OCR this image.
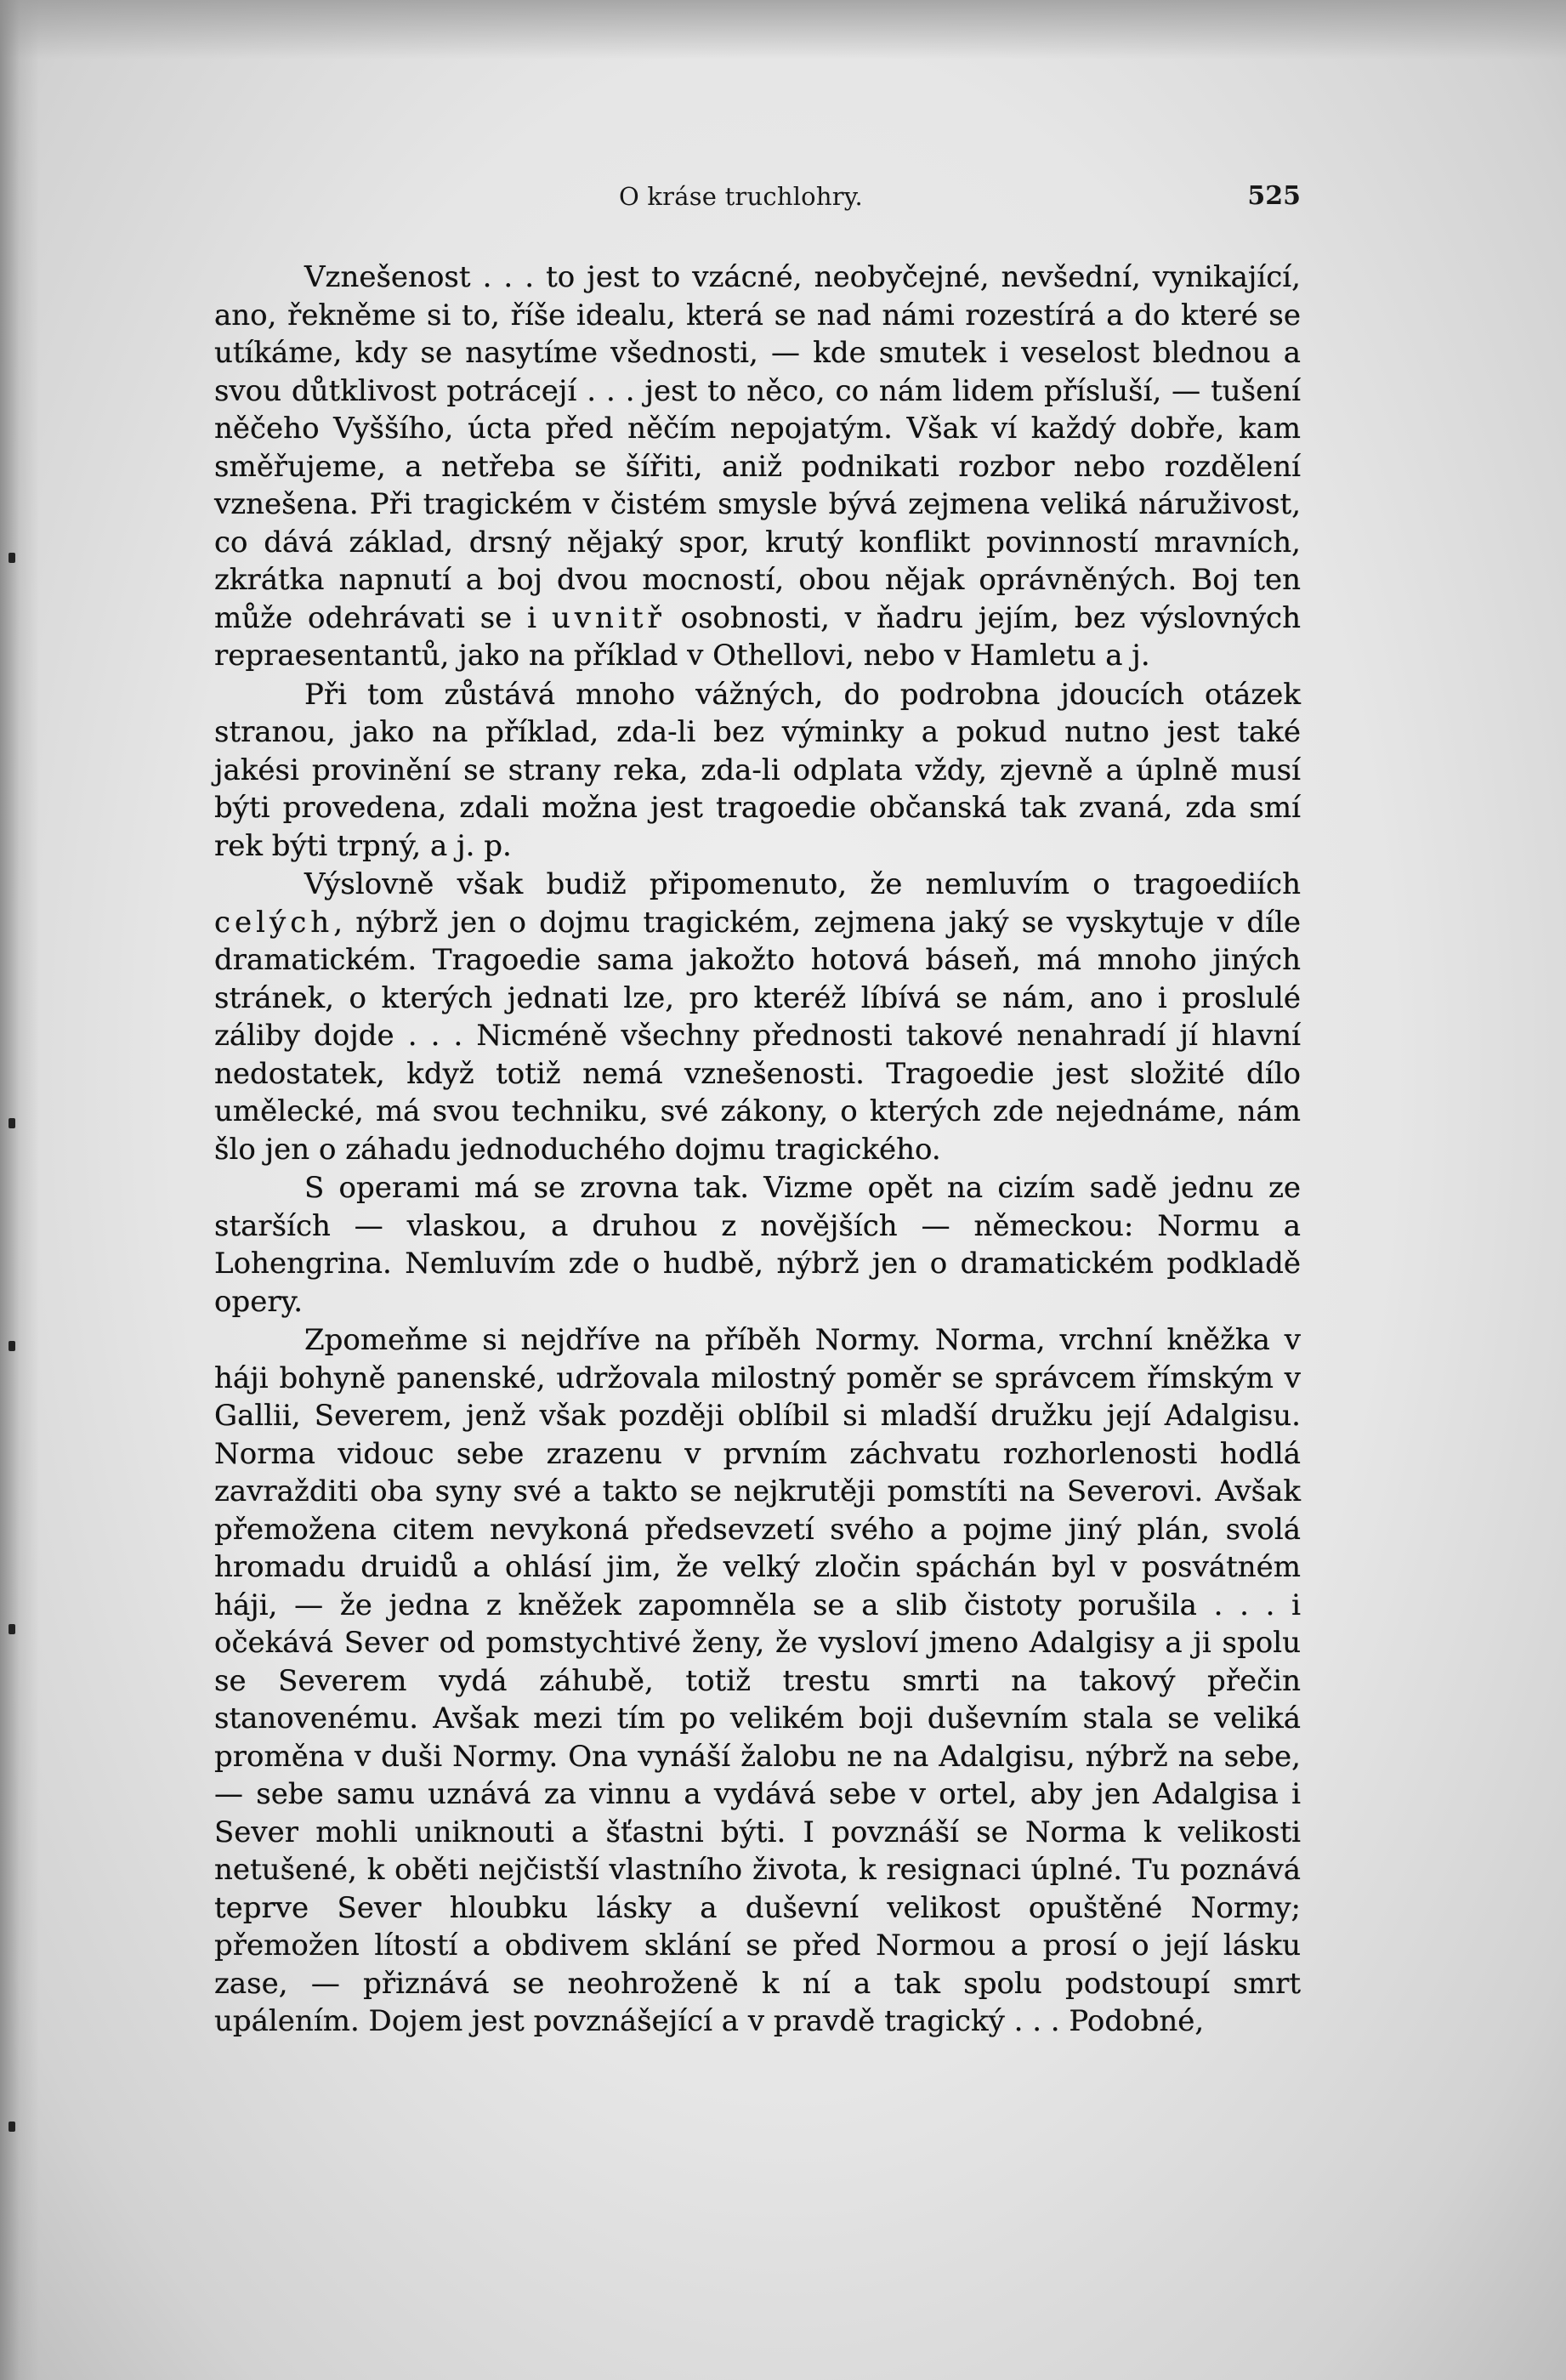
O kráse truchlohry.	525

Vznešenost . . . to jest to vzácné, neobyčejné, nevšední, vynikající, ano, řekněme si to, říše idealu, která se nad námi rozestírá a do které se utíkáme, kdy se nasytíme všednosti, — kde smutek i veselost blednou a svou důtklivost potrácejí . . . jest to něco, co nám lidem přísluší, — tušení něčeho Vyššího, úcta před něčím nepojatým. Však ví každý dobře, kam směřujeme, a netřeba se šířiti, aniž podnikati rozbor nebo rozdělení vznešena. Při tragickém v čistém smysle bývá zejmena veliká náruživost, co dává základ, drsný nějaký spor, krutý konflikt povinností mravních, zkrátka napnutí a boj dvou mocností, obou nějak oprávněných. Boj ten může odehrávati se i uvnitř osobnosti, v ňadru jejím, bez výslovných repraesentantů, jako na příklad v Othellovi, nebo v Hamletu a j.

Při tom zůstává mnoho vážných, do podrobna jdoucích otázek stranou, jako na příklad, zda-li bez výminky a pokud nutno jest také jakési provinění se strany reka, zda-li odplata vždy, zjevně a úplně musí býti provedena, zdali možna jest tragoedie občanská tak zvaná, zda smí rek býti trpný, a j. p.

Výslovně však budiž připomenuto, že nemluvím o tragoediích celých, nýbrž jen o dojmu tragickém, zejmena jaký se vyskytuje v díle dramatickém. Tragoedie sama jakožto hotová báseň, má mnoho jiných stránek, o kterých jednati lze, pro kteréž líbívá se nám, ano i proslulé záliby dojde . . . Nicméně všechny přednosti takové nenahradí jí hlavní nedostatek, když totiž nemá vznešenosti. Tragoedie jest složité dílo umělecké, má svou techniku, své zákony, o kterých zde nejednáme, nám šlo jen o záhadu jednoduchého dojmu tragického.

S operami má se zrovna tak. Vizme opět na cizím sadě jednu ze starších — vlaskou, a druhou z novějších — německou: Normu a Lohengrina. Nemluvím zde o hudbě, nýbrž jen o dramatickém podkladě opery.

Zpomeňme si nejdříve na příběh Normy. Norma, vrchní kněžka v háji bohyně panenské, udržovala milostný poměr se správcem římským v Gallii, Severem, jenž však později oblíbil si mladší družku její Adalgisu. Norma vidouc sebe zrazenu v prvním záchvatu rozhorlenosti hodlá zavražditi oba syny své a takto se nejkrutěji pomstíti na Severovi. Avšak přemožena citem nevykoná předsevzetí svého a pojme jiný plán, svolá hromadu druidů a ohlásí jim, že velký zločin spáchán byl v posvátném háji, — že jedna z kněžek zapomněla se a slib čistoty porušila . . . i očekává Sever od pomstychtivé ženy, že vysloví jmeno Adalgisy a ji spolu se Severem vydá záhubě, totiž trestu smrti na takový přečin stanovenému. Avšak mezi tím po velikém boji duševním stala se veliká proměna v duši Normy. Ona vynáší žalobu ne na Adalgisu, nýbrž na sebe, — sebe samu uznává za vinnu a vydává sebe v ortel, aby jen Adalgisa i Sever mohli uniknouti a šťastni býti. I povznáší se Norma k velikosti netušené, k oběti nejčistší vlastního života, k resignaci úplné. Tu poznává teprve Sever hloubku lásky a duševní velikost opuštěné Normy; přemožen lítostí a obdivem sklání se před Normou a prosí o její lásku zase, — přiznává se neohroženě k ní a tak spolu podstoupí smrt upálením. Dojem jest povznášející a v pravdě tragický . . . Podobné,
